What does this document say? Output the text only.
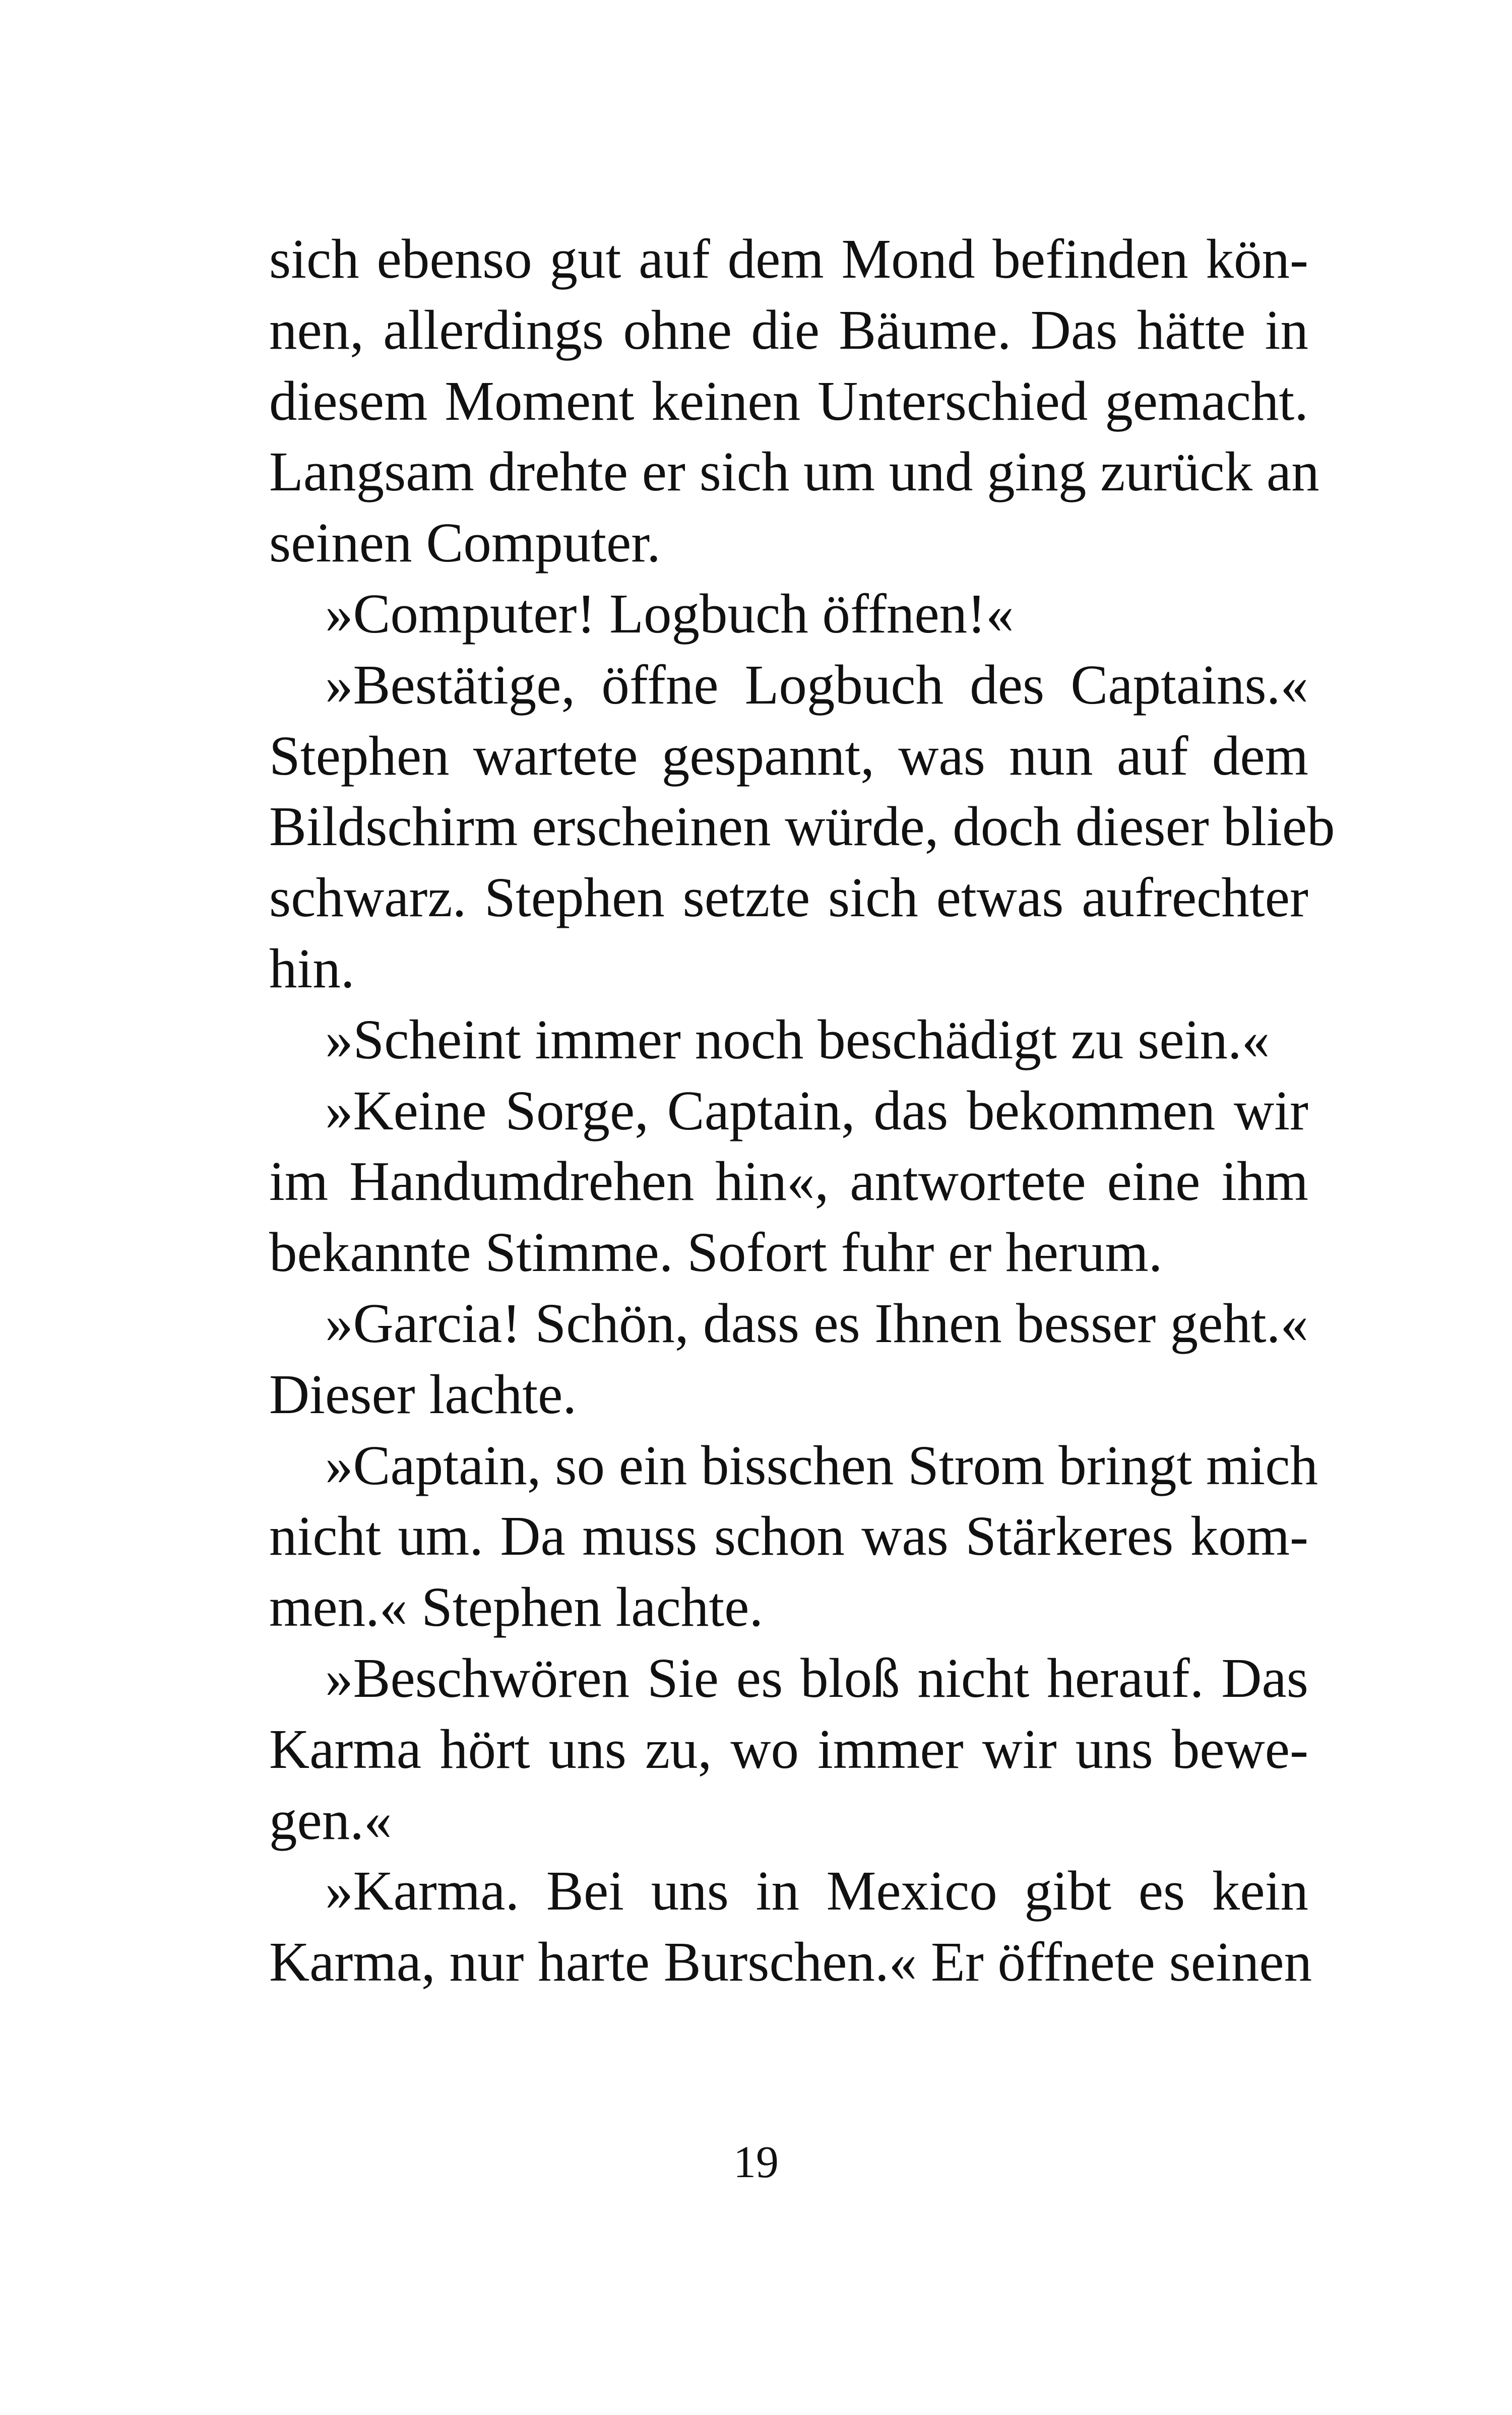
sich ebenso gut auf dem Mond befinden kön-
nen, allerdings ohne die Bäume. Das hätte in
diesem Moment keinen Unterschied gemacht.
Langsam drehte er sich um und ging zurück an
seinen Computer.
»Computer! Logbuch öffnen!«
»Bestätige, öffne Logbuch des Captains.«
Stephen wartete gespannt, was nun auf dem
Bildschirm erscheinen würde, doch dieser blieb
schwarz. Stephen setzte sich etwas aufrechter
hin.
»Scheint immer noch beschädigt zu sein.«
»Keine Sorge, Captain, das bekommen wir
im Handumdrehen hin«, antwortete eine ihm
bekannte Stimme. Sofort fuhr er herum.
»Garcia! Schön, dass es Ihnen besser geht.«
Dieser lachte.
»Captain, so ein bisschen Strom bringt mich
nicht um. Da muss schon was Stärkeres kom-
men.« Stephen lachte.
»Beschwören Sie es bloß nicht herauf. Das
Karma hört uns zu, wo immer wir uns bewe-
gen.«
»Karma. Bei uns in Mexico gibt es kein
Karma, nur harte Burschen.« Er öffnete seinen
19
